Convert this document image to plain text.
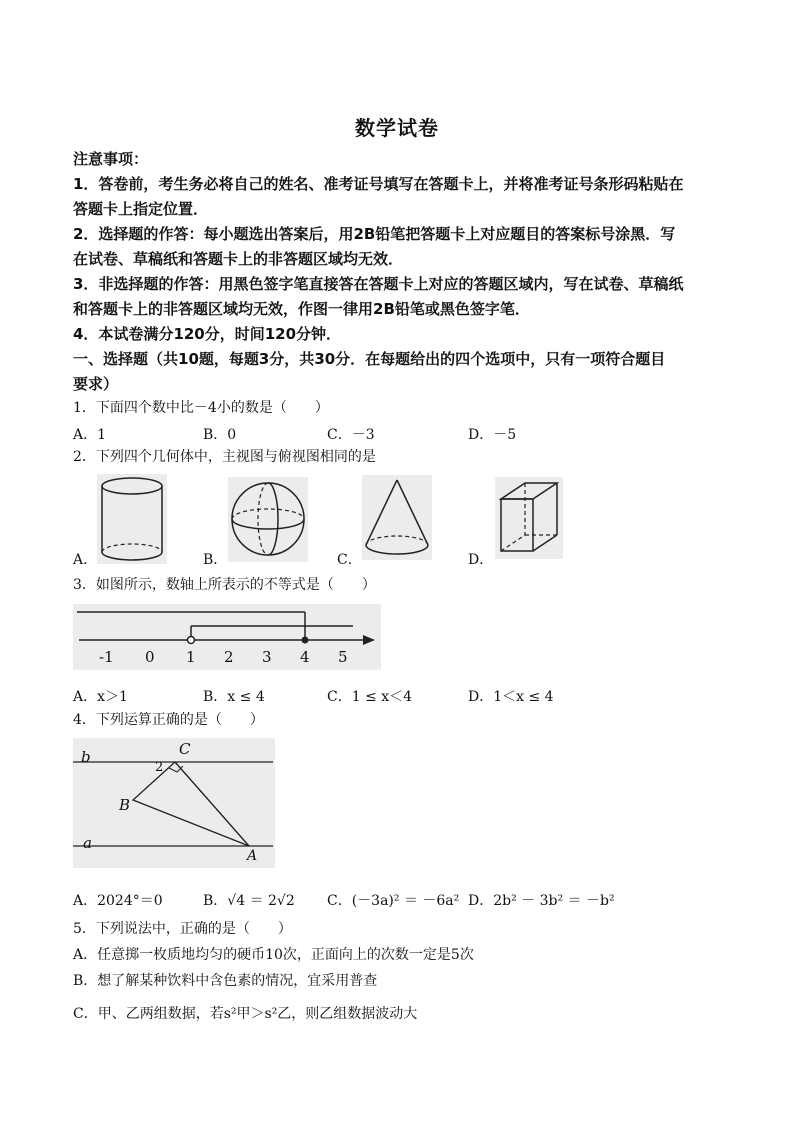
数学试卷
注意事项：
1．答卷前，考生务必将自己的姓名、准考证号填写在答题卡上，并将准考证号条形码粘贴在
答题卡上指定位置．
2．选择题的作答：每小题选出答案后，用2B铅笔把答题卡上对应题目的答案标号涂黑．写
在试卷、草稿纸和答题卡上的非答题区域均无效．
3．非选择题的作答：用黑色签字笔直接答在答题卡上对应的答题区域内，写在试卷、草稿纸
和答题卡上的非答题区域均无效，作图一律用2B铅笔或黑色签字笔．
4．本试卷满分120分，时间120分钟．
一、选择题（共10题，每题3分，共30分．在每题给出的四个选项中，只有一项符合题目
要求）
1．下面四个数中比－4小的数是（　　）
A．1	B．0	C．－3	D．－5
2．下列四个几何体中，主视图与俯视图相同的是
A．	B．	C．	D．
3．如图所示，数轴上所表示的不等式是（　　）
-1 0 1 2 3 4 5
A．x＞1	B．x ≤ 4	C．1 ≤ x＜4	D．1＜x ≤ 4
4．下列运算正确的是（　　）
b	C
2
B
a
A
A．2024°＝0	B．√4 ＝ 2√2 C．(－3a)² ＝ －6a² D．2b² － 3b² ＝ －b²
5．下列说法中，正确的是（　　）
A．任意掷一枚质地均匀的硬币10次，正面向上的次数一定是5次
B．想了解某种饮料中含色素的情况，宜采用普查
C．甲、乙两组数据，若s²甲＞s²乙，则乙组数据波动大
